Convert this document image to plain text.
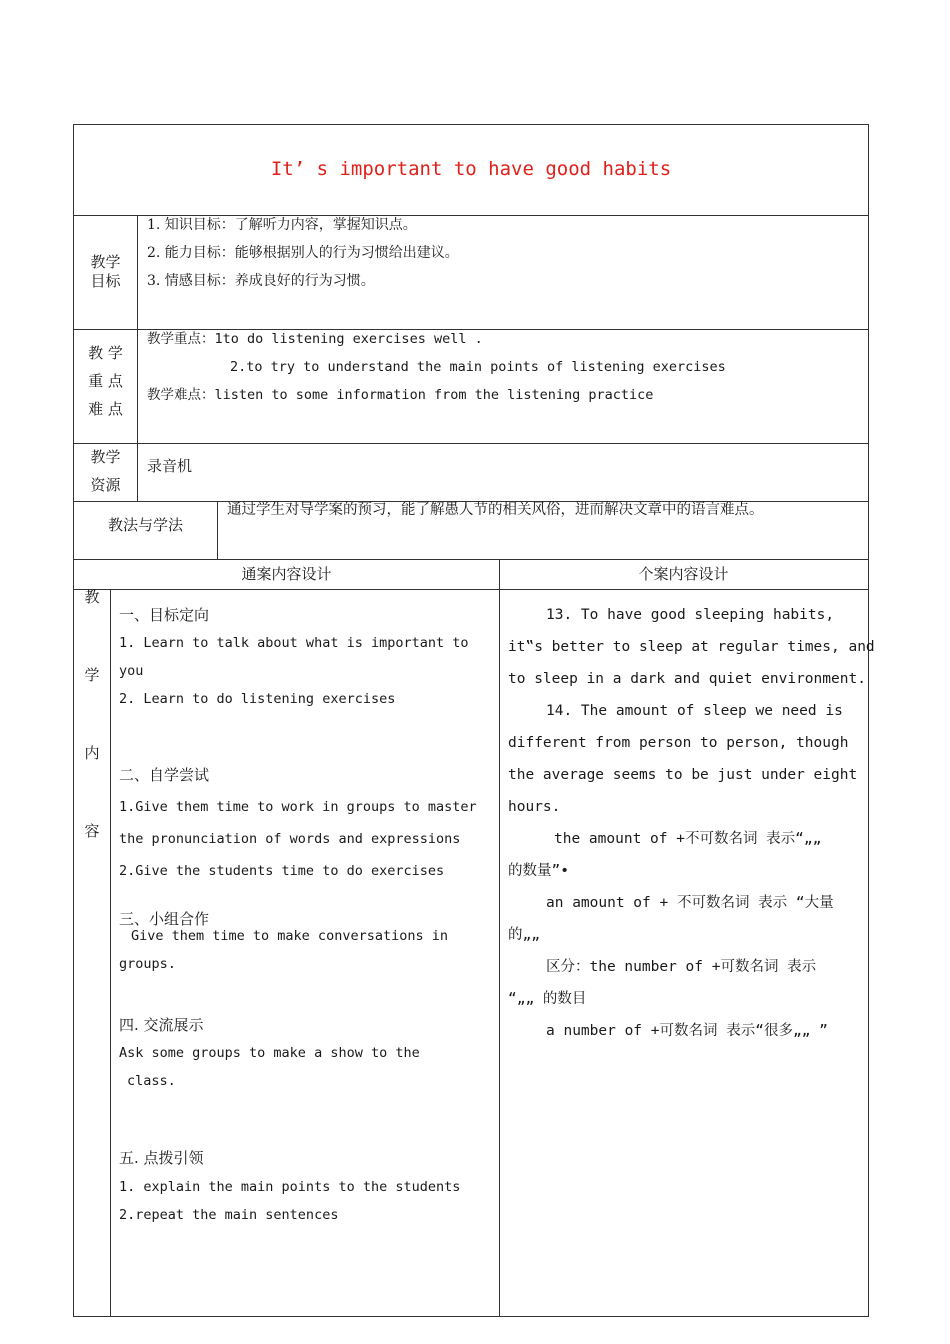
It’ s important to have good habits
教学
目标
1. 知识目标：了解听力内容，掌握知识点。
2. 能力目标：能够根据别人的行为习惯给出建议。
3. 情感目标：养成良好的行为习惯。
教 学
重 点
难 点
教学重点：1to do listening exercises well .
2.to try to understand the main points of listening exercises
教学难点：listen to some information from the listening practice
教学
资源
录音机
教法与学法
通过学生对导学案的预习，能了解愚人节的相关风俗，进而解决文章中的语言难点。
通案内容设计	个案内容设计
教
学
内
容
一、目标定向
1. Learn to talk about what is important to
you
2. Learn to do listening exercises
二、自学尝试
1.Give them time to work in groups to master
the pronunciation of words and expressions
2.Give the students time to do exercises
三、小组合作
Give them time to make conversations in
groups.
四. 交流展示
Ask some groups to make a show to the
class.
五. 点拨引领
1. explain the main points to the students
2.repeat the main sentences
13. To have good sleeping habits,
it‟s better to sleep at regular times, and
to sleep in a dark and quiet environment.
14. The amount of sleep we need is
different from person to person, though
the average seems to be just under eight
hours.
the amount of +不可数名词 表示“„„
的数量”•
an amount of + 不可数名词 表示 “大量
的„„
区分：the number of +可数名词 表示
“„„ 的数目
a number of +可数名词 表示“很多„„ ”
